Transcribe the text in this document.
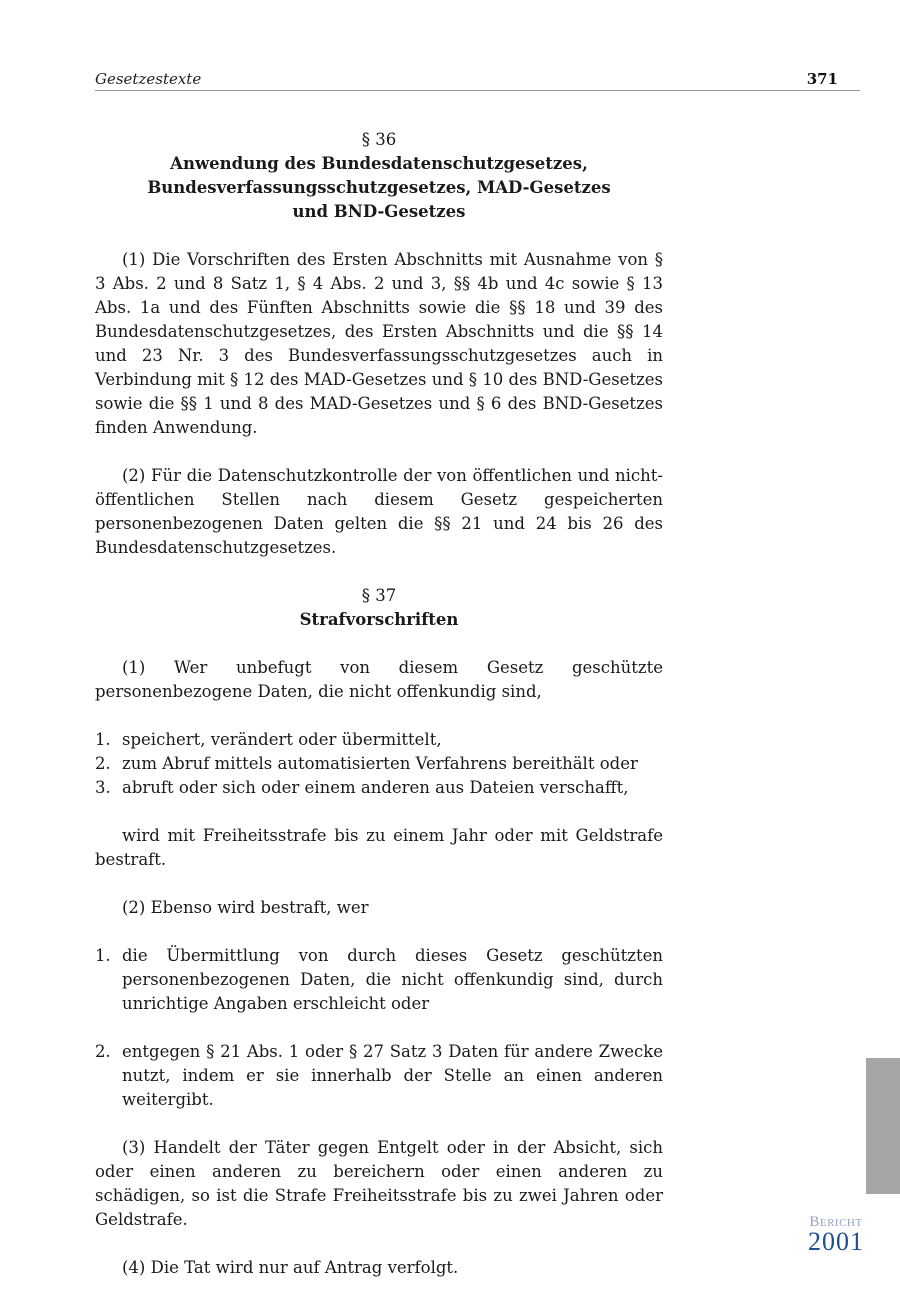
Gesetzestexte	371
§ 36
Anwendung des Bundesdatenschutzgesetzes,
Bundesverfassungsschutzgesetzes, MAD-Gesetzes
und BND-Gesetzes

(1) Die Vorschriften des Ersten Abschnitts mit Ausnahme von § 3 Abs. 2 und 8 Satz 1, § 4 Abs. 2 und 3, §§ 4b und 4c sowie § 13 Abs. 1a und des Fünften Abschnitts sowie die §§ 18 und 39 des Bundesdatenschutzgesetzes, des Ersten Abschnitts und die §§ 14 und 23 Nr. 3 des Bundesverfassungsschutzgesetzes auch in Verbindung mit § 12 des MAD-Gesetzes und § 10 des BND-Gesetzes sowie die §§ 1 und 8 des MAD-Gesetzes und § 6 des BND-Gesetzes finden Anwendung.

(2) Für die Datenschutzkontrolle der von öffentlichen und nicht-öffentlichen Stellen nach diesem Gesetz gespeicherten personenbezogenen Daten gelten die §§ 21 und 24 bis 26 des Bundesdatenschutzgesetzes.

§ 37
Strafvorschriften

(1) Wer unbefugt von diesem Gesetz geschützte personenbezogene Daten, die nicht offenkundig sind,

1. speichert, verändert oder übermittelt,
2. zum Abruf mittels automatisierten Verfahrens bereithält oder
3. abruft oder sich oder einem anderen aus Dateien verschafft,

wird mit Freiheitsstrafe bis zu einem Jahr oder mit Geldstrafe bestraft.

(2) Ebenso wird bestraft, wer

1. die Übermittlung von durch dieses Gesetz geschützten personenbezogenen Daten, die nicht offenkundig sind, durch unrichtige Angaben erschleicht oder
2. entgegen § 21 Abs. 1 oder § 27 Satz 3 Daten für andere Zwecke nutzt, indem er sie innerhalb der Stelle an einen anderen weitergibt.

(3) Handelt der Täter gegen Entgelt oder in der Absicht, sich oder einen anderen zu bereichern oder einen anderen zu schädigen, so ist die Strafe Freiheitsstrafe bis zu zwei Jahren oder Geldstrafe.

(4) Die Tat wird nur auf Antrag verfolgt.

Bericht
2001
